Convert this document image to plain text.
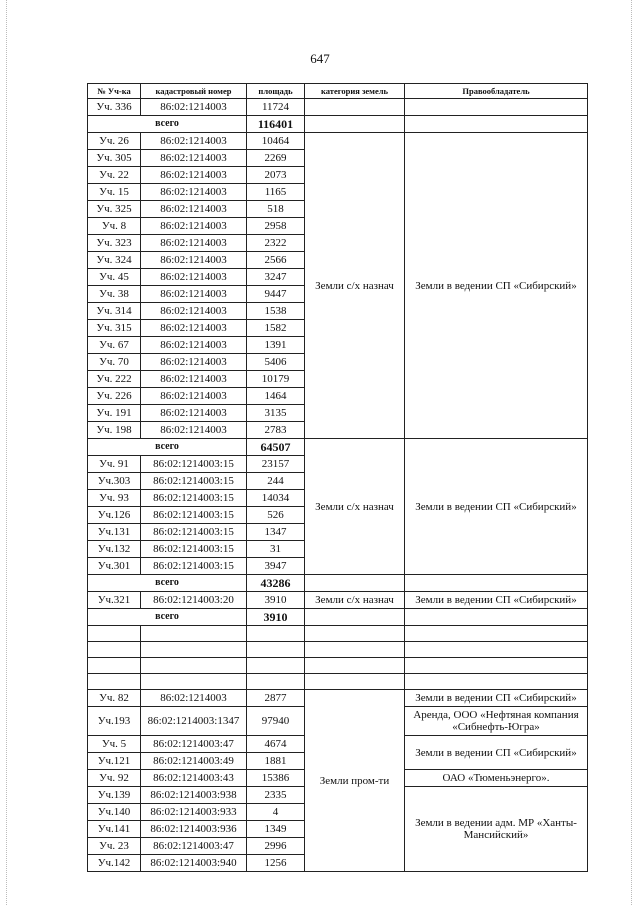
647
№ Уч-ка	кадастровый номер	площадь	категория земель	Правообладатель
Уч. 336	86:02:1214003	11724		
всего		116401		
Уч. 26	86:02:1214003	10464	Земли с/х назнач	Земли в ведении СП «Сибирский»
Уч. 305	86:02:1214003	2269		
Уч. 22	86:02:1214003	2073		
Уч. 15	86:02:1214003	1165		
Уч. 325	86:02:1214003	518		
Уч. 8	86:02:1214003	2958		
Уч. 323	86:02:1214003	2322		
Уч. 324	86:02:1214003	2566		
Уч. 45	86:02:1214003	3247		
Уч. 38	86:02:1214003	9447		
Уч. 314	86:02:1214003	1538		
Уч. 315	86:02:1214003	1582		
Уч. 67	86:02:1214003	1391		
Уч. 70	86:02:1214003	5406		
Уч. 222	86:02:1214003	10179		
Уч. 226	86:02:1214003	1464		
Уч. 191	86:02:1214003	3135		
Уч. 198	86:02:1214003	2783		
всего		64507	Земли с/х назнач	Земли в ведении СП «Сибирский»
Уч. 91	86:02:1214003:15	23157		
Уч.303	86:02:1214003:15	244		
Уч. 93	86:02:1214003:15	14034		
Уч.126	86:02:1214003:15	526		
Уч.131	86:02:1214003:15	1347		
Уч.132	86:02:1214003:15	31		
Уч.301	86:02:1214003:15	3947		
всего		43286		
Уч.321	86:02:1214003:20	3910	Земли с/х назнач	Земли в ведении СП «Сибирский»
всего		3910		

Уч. 82	86:02:1214003	2877	Земли пром-ти	Земли в ведении СП «Сибирский»
Уч.193	86:02:1214003:1347	97940		Аренда, ООО «Нефтяная компания «Сибнефть-Югра»
Уч. 5	86:02:1214003:47	4674		Земли в ведении СП «Сибирский»
Уч.121	86:02:1214003:49	1881		
Уч. 92	86:02:1214003:43	15386		ОАО «Тюменьэнерго».
Уч.139	86:02:1214003:938	2335		Земли в ведении адм. МР «Ханты-Мансийский»
Уч.140	86:02:1214003:933	4		
Уч.141	86:02:1214003:936	1349		
Уч. 23	86:02:1214003:47	2996		
Уч.142	86:02:1214003:940	1256		
